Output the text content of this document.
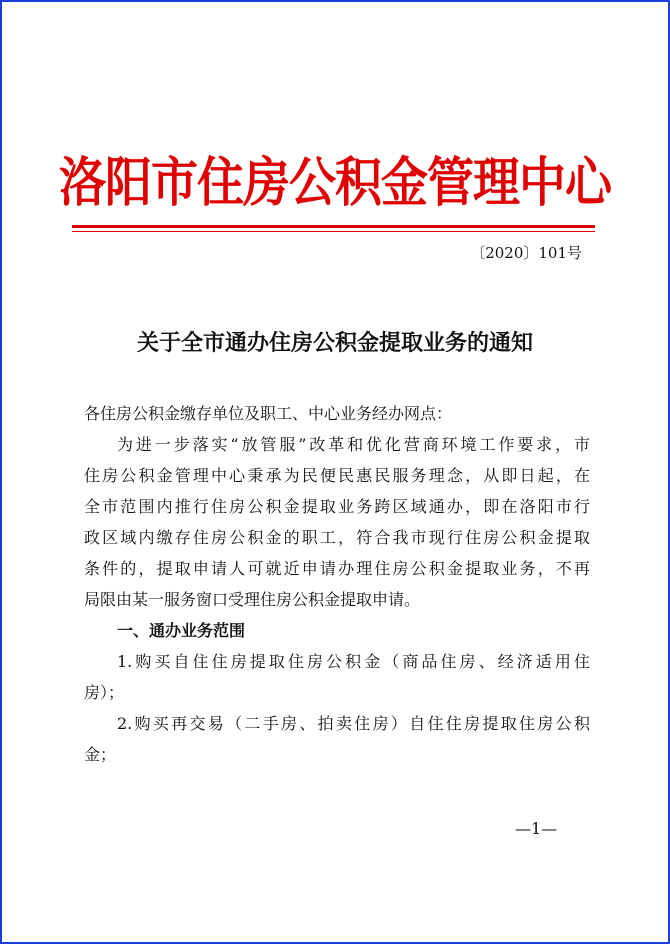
洛阳市住房公积金管理中心
〔2020〕101号
关于全市通办住房公积金提取业务的通知
各住房公积金缴存单位及职工、中心业务经办网点：
为进一步落实“放管服”改革和优化营商环境工作要求，市
住房公积金管理中心秉承为民便民惠民服务理念，从即日起，在
全市范围内推行住房公积金提取业务跨区域通办，即在洛阳市行
政区域内缴存住房公积金的职工，符合我市现行住房公积金提取
条件的，提取申请人可就近申请办理住房公积金提取业务，不再
局限由某一服务窗口受理住房公积金提取申请。
一、通办业务范围
1.购买自住住房提取住房公积金（商品住房、经济适用住
房）；
2.购买再交易（二手房、拍卖住房）自住住房提取住房公积
金；
—1—
